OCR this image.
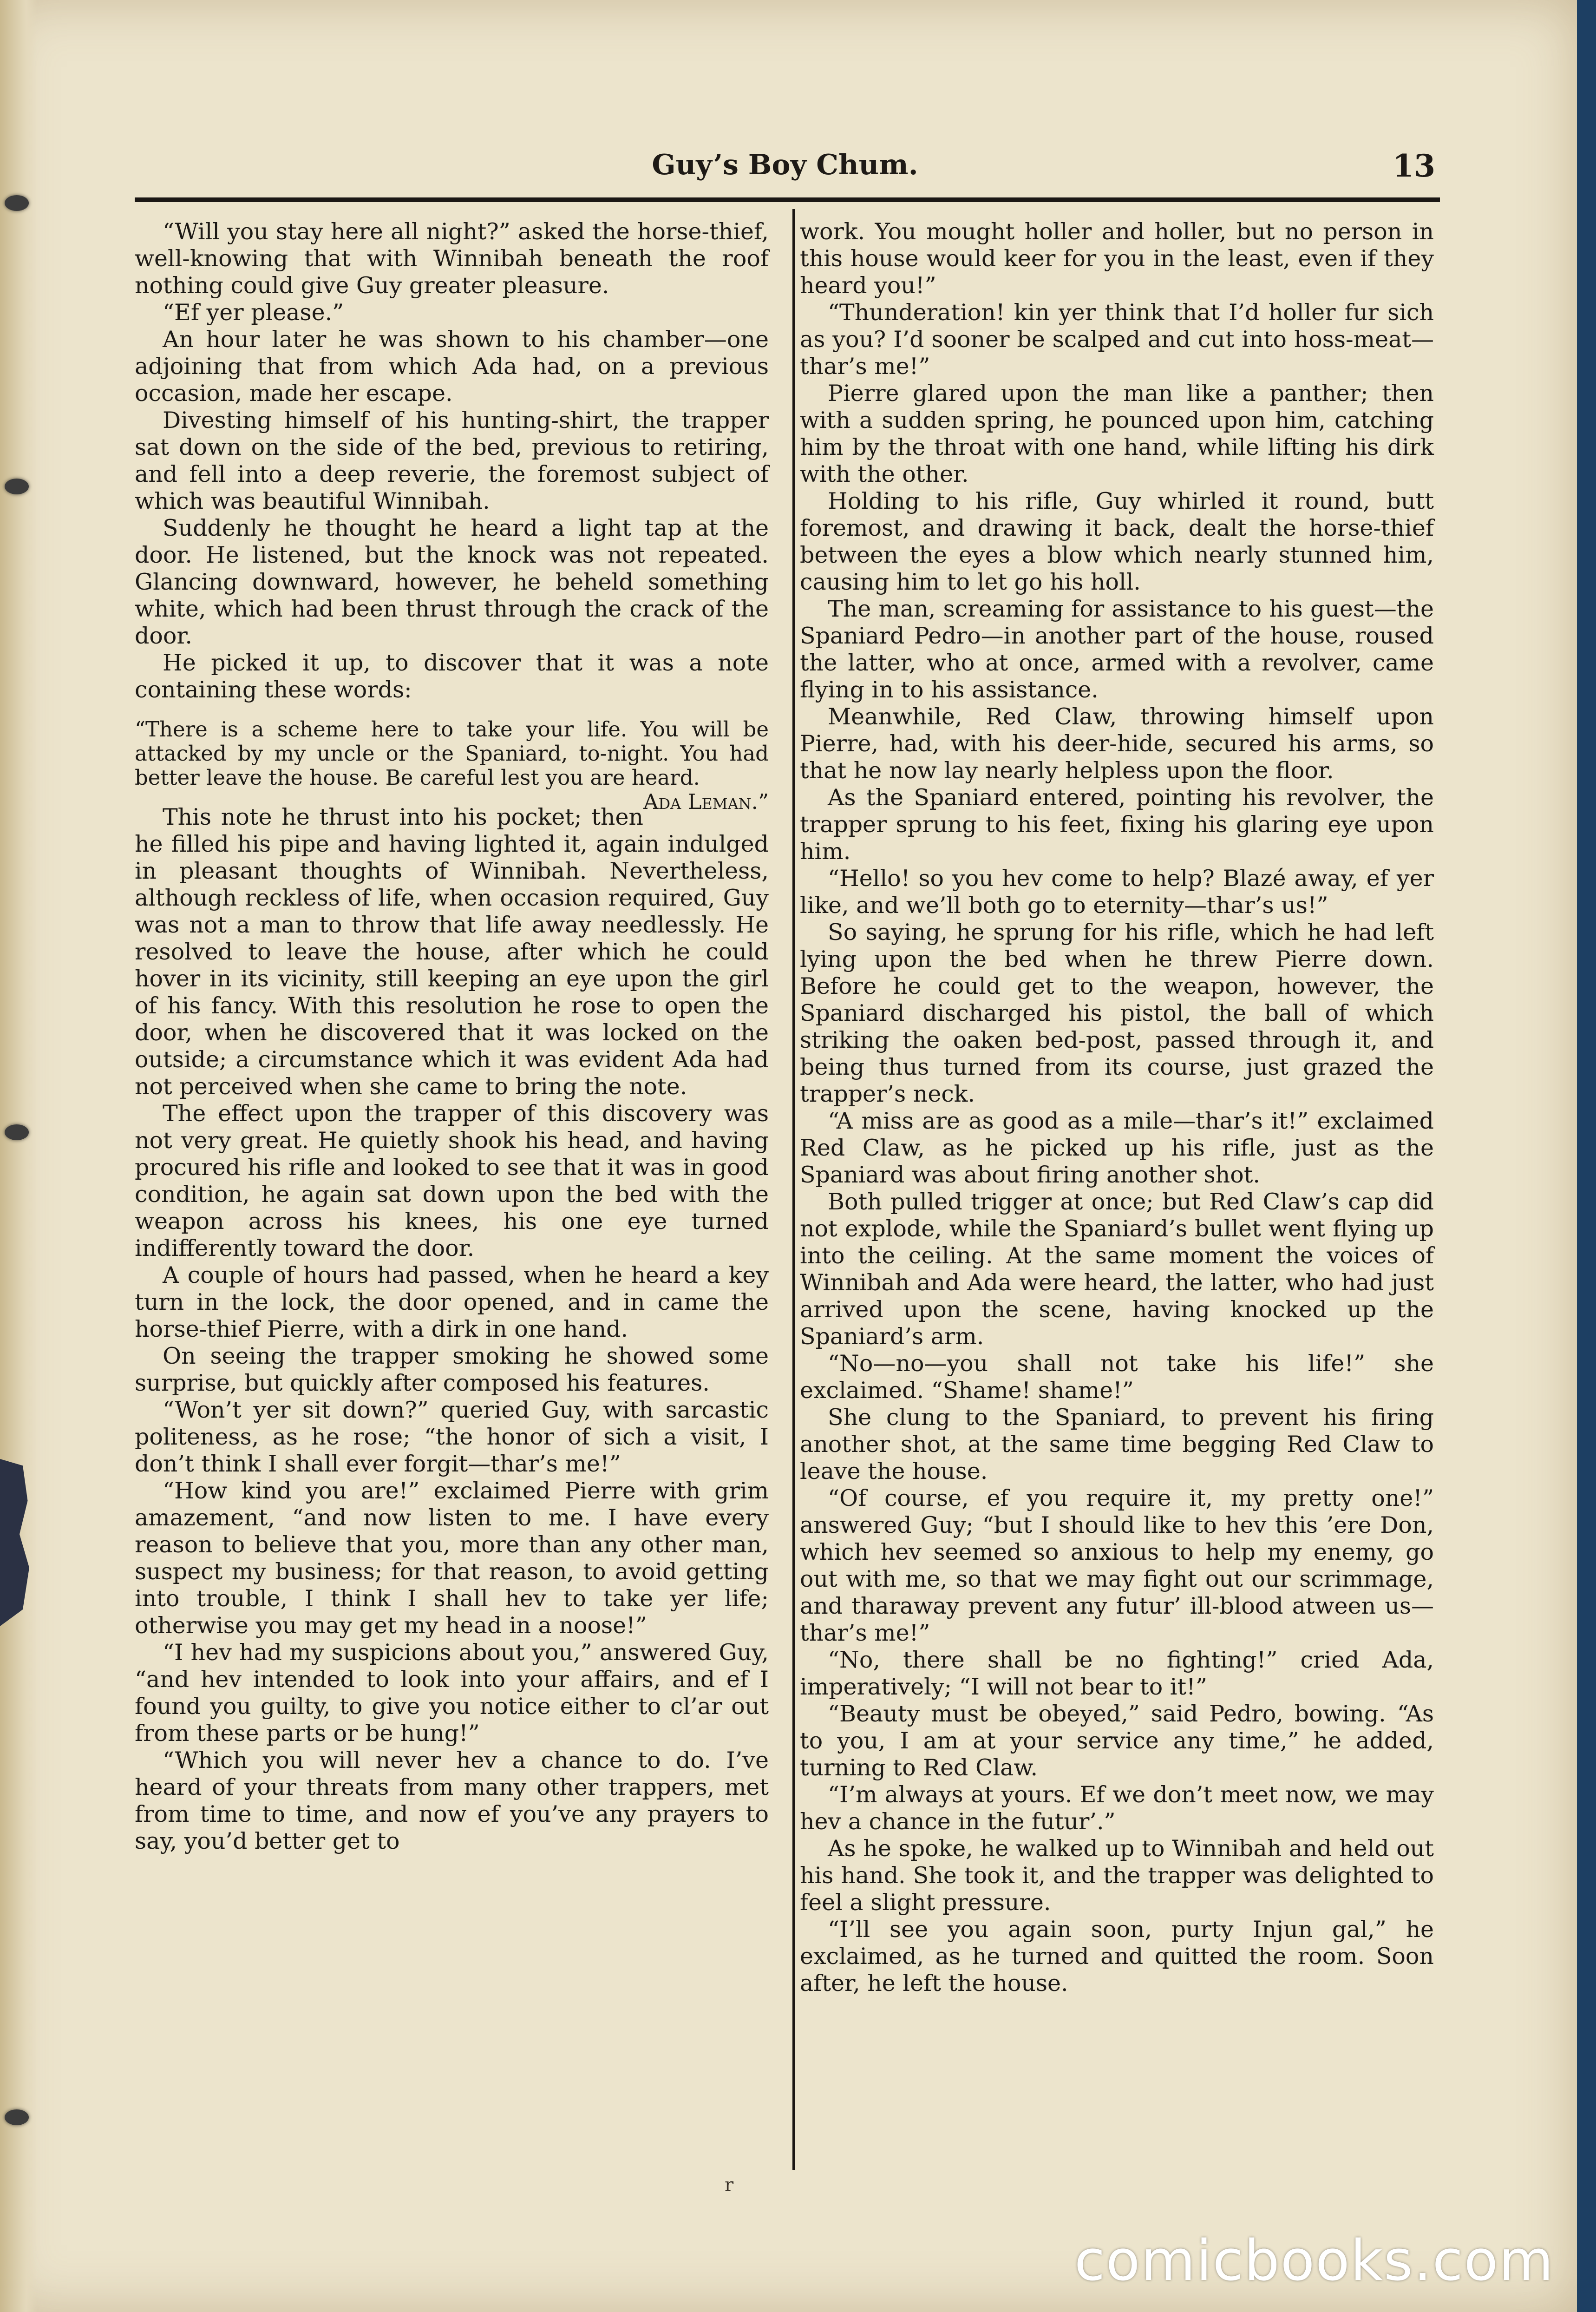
Guy’s Boy Chum.	13

“Will you stay here all night?” asked the horse-thief, well-knowing that with Winnibah beneath the roof nothing could give Guy greater pleasure.

“Ef yer please.”

An hour later he was shown to his chamber—one adjoining that from which Ada had, on a previous occasion, made her escape.

Divesting himself of his hunting-shirt, the trapper sat down on the side of the bed, previous to retiring, and fell into a deep reverie, the foremost subject of which was beautiful Winnibah.

Suddenly he thought he heard a light tap at the door. He listened, but the knock was not repeated. Glancing downward, however, he beheld something white, which had been thrust through the crack of the door.

He picked it up, to discover that it was a note containing these words:

“There is a scheme here to take your life. You will be attacked by my uncle or the Spaniard, to-night. You had better leave the house. Be careful lest you are heard.
Ada Leman.”

This note he thrust into his pocket; then he filled his pipe and having lighted it, again indulged in pleasant thoughts of Winnibah. Nevertheless, although reckless of life, when occasion required, Guy was not a man to throw that life away needlessly. He resolved to leave the house, after which he could hover in its vicinity, still keeping an eye upon the girl of his fancy. With this resolution he rose to open the door, when he discovered that it was locked on the outside; a circumstance which it was evident Ada had not perceived when she came to bring the note.

The effect upon the trapper of this discovery was not very great. He quietly shook his head, and having procured his rifle and looked to see that it was in good condition, he again sat down upon the bed with the weapon across his knees, his one eye turned indifferently toward the door.

A couple of hours had passed, when he heard a key turn in the lock, the door opened, and in came the horse-thief Pierre, with a dirk in one hand.

On seeing the trapper smoking he showed some surprise, but quickly after composed his features.

“Won’t yer sit down?” queried Guy, with sarcastic politeness, as he rose; “the honor of sich a visit, I don’t think I shall ever forgit—thar’s me!”

“How kind you are!” exclaimed Pierre with grim amazement, “and now listen to me. I have every reason to believe that you, more than any other man, suspect my business; for that reason, to avoid getting into trouble, I think I shall hev to take yer life; otherwise you may get my head in a noose!”

“I hev had my suspicions about you,” answered Guy, “and hev intended to look into your affairs, and ef I found you guilty, to give you notice either to cl’ar out from these parts or be hung!”

“Which you will never hev a chance to do. I’ve heard of your threats from many other trappers, met from time to time, and now ef you’ve any prayers to say, you’d better get to

work. You mought holler and holler, but no person in this house would keer for you in the least, even if they heard you!”

“Thunderation! kin yer think that I’d holler fur sich as you? I’d sooner be scalped and cut into hoss-meat—thar’s me!”

Pierre glared upon the man like a panther; then with a sudden spring, he pounced upon him, catching him by the throat with one hand, while lifting his dirk with the other.

Holding to his rifle, Guy whirled it round, butt foremost, and drawing it back, dealt the horse-thief between the eyes a blow which nearly stunned him, causing him to let go his holl.

The man, screaming for assistance to his guest—the Spaniard Pedro—in another part of the house, roused the latter, who at once, armed with a revolver, came flying in to his assistance.

Meanwhile, Red Claw, throwing himself upon Pierre, had, with his deer-hide, secured his arms, so that he now lay nearly helpless upon the floor.

As the Spaniard entered, pointing his revolver, the trapper sprung to his feet, fixing his glaring eye upon him.

“Hello! so you hev come to help? Blazé away, ef yer like, and we’ll both go to eternity—thar’s us!”

So saying, he sprung for his rifle, which he had left lying upon the bed when he threw Pierre down. Before he could get to the weapon, however, the Spaniard discharged his pistol, the ball of which striking the oaken bed-post, passed through it, and being thus turned from its course, just grazed the trapper’s neck.

“A miss are as good as a mile—thar’s it!” exclaimed Red Claw, as he picked up his rifle, just as the Spaniard was about firing another shot.

Both pulled trigger at once; but Red Claw’s cap did not explode, while the Spaniard’s bullet went flying up into the ceiling. At the same moment the voices of Winnibah and Ada were heard, the latter, who had just arrived upon the scene, having knocked up the Spaniard’s arm.

“No—no—you shall not take his life!” she exclaimed. “Shame! shame!”

She clung to the Spaniard, to prevent his firing another shot, at the same time begging Red Claw to leave the house.

“Of course, ef you require it, my pretty one!” answered Guy; “but I should like to hev this ’ere Don, which hev seemed so anxious to help my enemy, go out with me, so that we may fight out our scrimmage, and tharaway prevent any futur’ ill-blood atween us—thar’s me!”

“No, there shall be no fighting!” cried Ada, imperatively; “I will not bear to it!”

“Beauty must be obeyed,” said Pedro, bowing. “As to you, I am at your service any time,” he added, turning to Red Claw.

“I’m always at yours. Ef we don’t meet now, we may hev a chance in the futur’.”

As he spoke, he walked up to Winnibah and held out his hand. She took it, and the trapper was delighted to feel a slight pressure.

“I’ll see you again soon, purty Injun gal,” he exclaimed, as he turned and quitted the room. Soon after, he left the house.

r
comicbooks.com
